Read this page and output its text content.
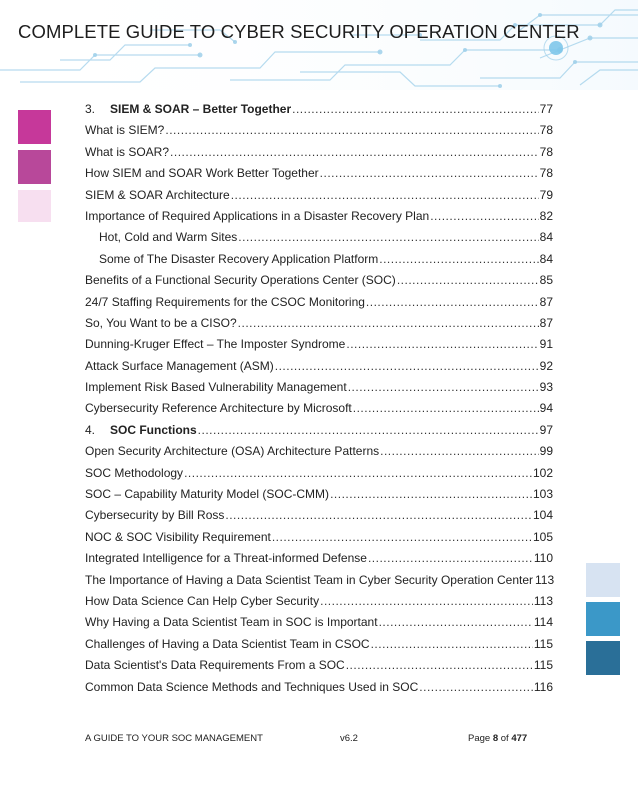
COMPLETE GUIDE TO CYBER SECURITY OPERATION CENTER
3. SIEM & SOAR – Better Together .....	77
What is SIEM? .....	78
What is SOAR? .....	78
How SIEM and SOAR Work Better Together .....	78
SIEM & SOAR Architecture .....	79
Importance of Required Applications in a Disaster Recovery Plan .....	82
Hot, Cold and Warm Sites .....	84
Some of The Disaster Recovery Application Platform .....	84
Benefits of a Functional Security Operations Center (SOC) .....	85
24/7 Staffing Requirements for the CSOC Monitoring .....	87
So, You Want to be a CISO? .....	87
Dunning-Kruger Effect – The Imposter Syndrome .....	91
Attack Surface Management (ASM) .....	92
Implement Risk Based Vulnerability Management .....	93
Cybersecurity Reference Architecture by Microsoft .....	94
4. SOC Functions .....	97
Open Security Architecture (OSA) Architecture Patterns .....	99
SOC Methodology .....	102
SOC – Capability Maturity Model (SOC-CMM) .....	103
Cybersecurity by Bill Ross .....	104
NOC & SOC Visibility Requirement .....	105
Integrated Intelligence for a Threat-informed Defense .....	110
The Importance of Having a Data Scientist Team in Cyber Security Operation Center 113
How Data Science Can Help Cyber Security .....	113
Why Having a Data Scientist Team in SOC is Important .....	114
Challenges of Having a Data Scientist Team in CSOC .....	115
Data Scientist's Data Requirements From a SOC .....	115
Common Data Science Methods and Techniques Used in SOC .....	116
A GUIDE TO YOUR SOC MANAGEMENT	v6.2	Page 8 of 477
